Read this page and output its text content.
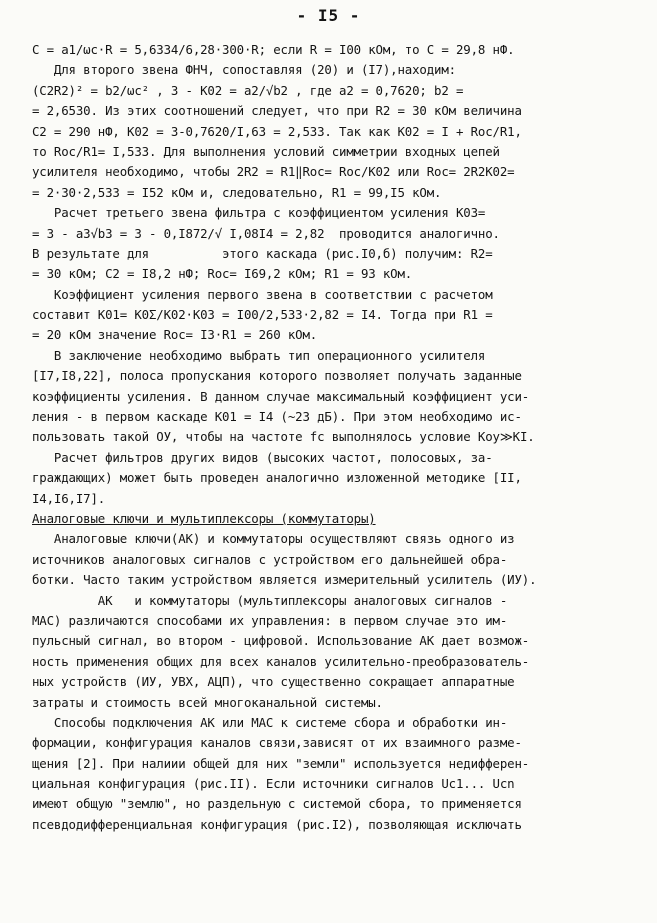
- I5 -
C = a1/ωc·R = 5,6334/6,28·300·R; если R = I00 кОм, то C = 29,8 нФ.
Для второго звена ФНЧ, сопоставляя (20) и (I7),находим:
(C2R2)² = b2/ωc² , 3 - K02 = a2/√b2 , где a2 = 0,7620; b2 =
= 2,6530. Из этих соотношений следует, что при R2 = 30 кОм величина
C2 = 290 нФ, K02 = 3-0,7620/I,63 = 2,533. Так как K02 = I + Roc/R1,
то Roc/R1= I,533. Для выполнения условий симметрии входных цепей
усилителя необходимо, чтобы 2R2 = R1‖Roc= Roc/K02 или Roc= 2R2K02=
= 2·30·2,533 = I52 кОм и, следовательно, R1 = 99,I5 кОм.
Расчет третьего звена фильтра с коэффициентом усиления K03=
= 3 - a3√b3 = 3 - 0,I872/√ I,08I4 = 2,82  проводится аналогично.
В результате для          этого каскада (рис.I0,б) получим: R2=
= 30 кОм; C2 = I8,2 нФ; Roc= I69,2 кОм; R1 = 93 кОм.
Коэффициент усиления первого звена в соответствии с расчетом
составит K01= K0Σ/K02·K03 = I00/2,533·2,82 = I4. Тогда при R1 =
= 20 кОм значение Roc= I3·R1 = 260 кОм.
В заключение необходимо выбрать тип операционного усилителя
[I7,I8,22], полоса пропускания которого позволяет получать заданные
коэффициенты усиления. В данном случае максимальный коэффициент уси-
ления - в первом каскаде K01 = I4 (~23 дБ). При этом необходимо ис-
пользовать такой ОУ, чтобы на частоте fc выполнялось условие Kоу≫KI.
Расчет фильтров других видов (высоких частот, полосовых, за-
граждающих) может быть проведен аналогично изложенной методике [II,
I4,I6,I7].
Аналоговые ключи и мультиплексоры (коммутаторы)
Аналоговые ключи(АК) и коммутаторы осуществляют связь одного из
источников аналоговых сигналов с устройством его дальнейшей обра-
ботки. Часто таким устройством является измерительный усилитель (ИУ).
АК   и коммутаторы (мультиплексоры аналоговых сигналов -
МАС) различаются способами их управления: в первом случае это им-
пульсный сигнал, во втором - цифровой. Использование АК дает возмож-
ность применения общих для всех каналов усилительно-преобразователь-
ных устройств (ИУ, УВХ, АЦП), что существенно сокращает аппаратные
затраты и стоимость всей многоканальной системы.
Способы подключения АК или МАС к системе сбора и обработки ин-
формации, конфигурация каналов связи,зависят от их взаимного разме-
щения [2]. При налиии общей для них "земли" используется недифферен-
циальная конфигурация (рис.II). Если источники сигналов Uc1... Ucn
имеют общую "землю", но раздельную с системой сбора, то применяется
псевдодифференциальная конфигурация (рис.I2), позволяющая исключать
